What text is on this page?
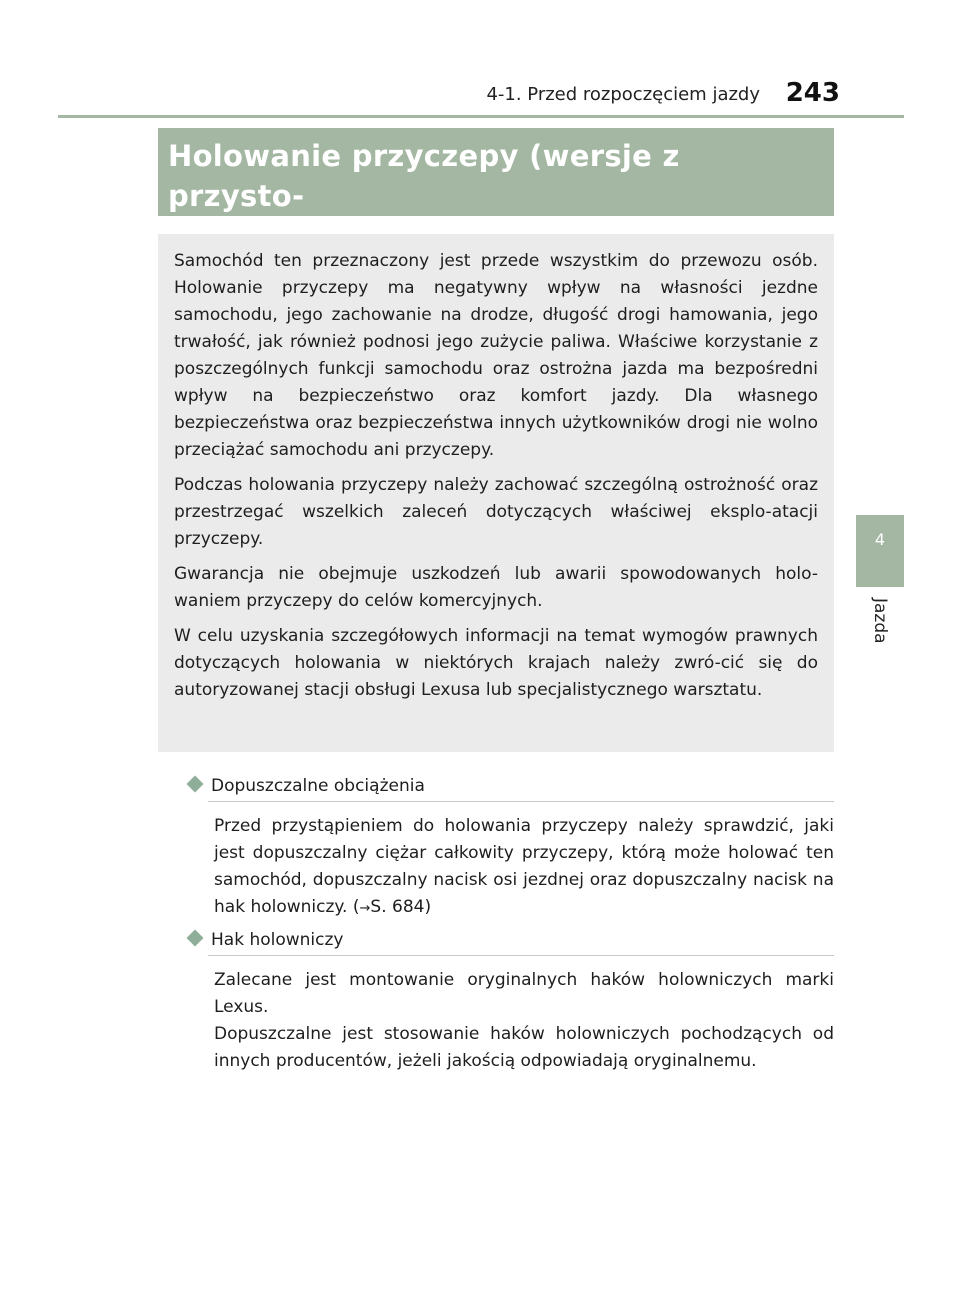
4-1. Przed rozpoczęciem jazdy 243
4
Jazda
Holowanie przyczepy (wersje z przysto-

Samochód ten przeznaczony jest przede wszystkim do przewozu osób. Holowanie przyczepy ma negatywny wpływ na własności jezdne samochodu, jego zachowanie na drodze, długość drogi hamowania, jego trwałość, jak również podnosi jego zużycie paliwa. Właściwe korzystanie z poszczególnych funkcji samochodu oraz ostrożna jazda ma bezpośredni wpływ na bezpieczeństwo oraz komfort jazdy. Dla własnego bezpieczeństwa oraz bezpieczeństwa innych użytkowników drogi nie wolno przeciążać samochodu ani przyczepy.

Podczas holowania przyczepy należy zachować szczególną ostrożność oraz przestrzegać wszelkich zaleceń dotyczących właściwej eksplo-atacji przyczepy.

Gwarancja nie obejmuje uszkodzeń lub awarii spowodowanych holo-waniem przyczepy do celów komercyjnych.

W celu uzyskania szczegółowych informacji na temat wymogów prawnych dotyczących holowania w niektórych krajach należy zwró-cić się do autoryzowanej stacji obsługi Lexusa lub specjalistycznego warsztatu.

Dopuszczalne obciążenia

Przed przystąpieniem do holowania przyczepy należy sprawdzić, jaki jest dopuszczalny ciężar całkowity przyczepy, którą może holować ten samochód, dopuszczalny nacisk osi jezdnej oraz dopuszczalny nacisk na hak holowniczy. (→S. 684)

Hak holowniczy

Zalecane jest montowanie oryginalnych haków holowniczych marki Lexus.

Dopuszczalne jest stosowanie haków holowniczych pochodzących od innych producentów, jeżeli jakością odpowiadają oryginalnemu.
